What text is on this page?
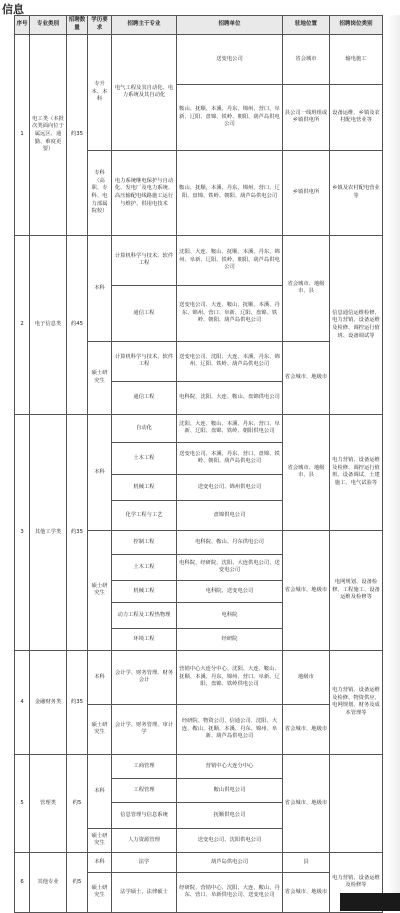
信息
序号	专业类别	招聘数量	学历要求	招聘主干专业	招聘单位	驻地位置	招聘岗位类别
1	电工类（本批次类面向位于属远区、通勤、难度更要）	约35	专升本、本科	电气工程及其自动化、电力系统及其自动化	送变电公司	省会城市	输电施工
					鞍山、抚顺、本溪、丹东、锦州、营口、阜新、辽阳、盘锦、铁岭、朝阳、葫芦岛供电公司	县公司一线班组或乡镇供电所	设备运维、乡镇及农村配电营业等
			专科（高职、专科、电力部属院校）	电力系统继电保护与自动化、发电厂及电力系统、高压输配电线路施工运行与维护、供用电技术	鞍山、抚顺、本溪、丹东、锦州、营口、辽阳、盘锦、铁岭、朝阳、葫芦岛供电公司	乡镇供电所	乡镇及农村配电营业等
2	电子信息类	约45	本科	计算机科学与技术、软件工程	沈阳、大连、鞍山、抚顺、本溪、丹东、锦州、阜新、辽阳、铁岭、朝阳、葫芦岛供电公司	省会城市、地级市、县	信息通信运维检修、电力营销、设备运维及检修、调控运行值班、设备调试等
				通信工程	送变电公司、大连、鞍山、抚顺、本溪、丹东、锦州、营口、阜新、辽阳、盘锦、铁岭、朝阳、葫芦岛供电公司		
			硕士研究生	计算机科学与技术、软件工程	送变电公司、沈阳、大连、本溪、丹东、锦州、辽阳、铁岭、葫芦岛供电公司	省会城市、地级市	
				通信工程	电科院、沈阳、大连、鞍山、盘锦供电公司		
3	其他工学类	约35	本科	自动化	沈阳、大连、鞍山、本溪、丹东、营口、阜新、辽阳、盘锦、铁岭、朝阳供电公司	省会城市、地级市、县	电力营销、设备运维及检修、调控运行值班、设备调试、土建施工、电气试验等
				土木工程	送变电公司、本溪、丹东、营口、盘锦、铁岭、朝阳、葫芦岛供电公司		
				机械工程	送变电公司、锦州供电公司		
				化学工程与工艺	盘锦供电公司		
			硕士研究生	控制工程	电科院、鞍山、丹东供电公司	省会城市、地级市	电网规划、设备检修、工程施工、设备运维及检修等
				土木工程	电科院、经研院、沈阳、大连供电公司、送变电公司		
				机械工程	电科院、送变电公司		
				动力工程及工程热物理	电科院		
				环境工程	经研院		
4	金融财务类	约35	本科	会计学、财务管理、财务会计	营销中心大连分中心、沈阳、大连、鞍山、抚顺、本溪、丹东、锦州、营口、阜新、辽阳、盘锦、铁岭供电公司	地级市	电力营销、设备运维及检修、物资供应、电网规划、财务及成本管理等
			硕士研究生	会计学、财务管理、审计学	经研院、物资公司、信通公司、沈阳、大连、鞍山、抚顺、本溪、丹东、锦州、阜新、葫芦岛供电公司	省会城市、地级市	
5	管理类	约5	本科	工商管理	营销中心大连分中心	省会城市、地级市	
				工程管理	鞍山供电公司		
				信息管理与信息系统	抚顺供电公司		
			硕士研究生	人力资源管理	送变电公司、沈阳供电公司		
6	其他专业	约5	本科	法学	葫芦岛供电公司	县	电力营销、设备运维及检修等
			硕士研究生	法学硕士、法律硕士	经研院、营销中心、沈阳、大连、鞍山、丹东、营口、阜新供电公司、送变电公司	省会城市、地级市	
